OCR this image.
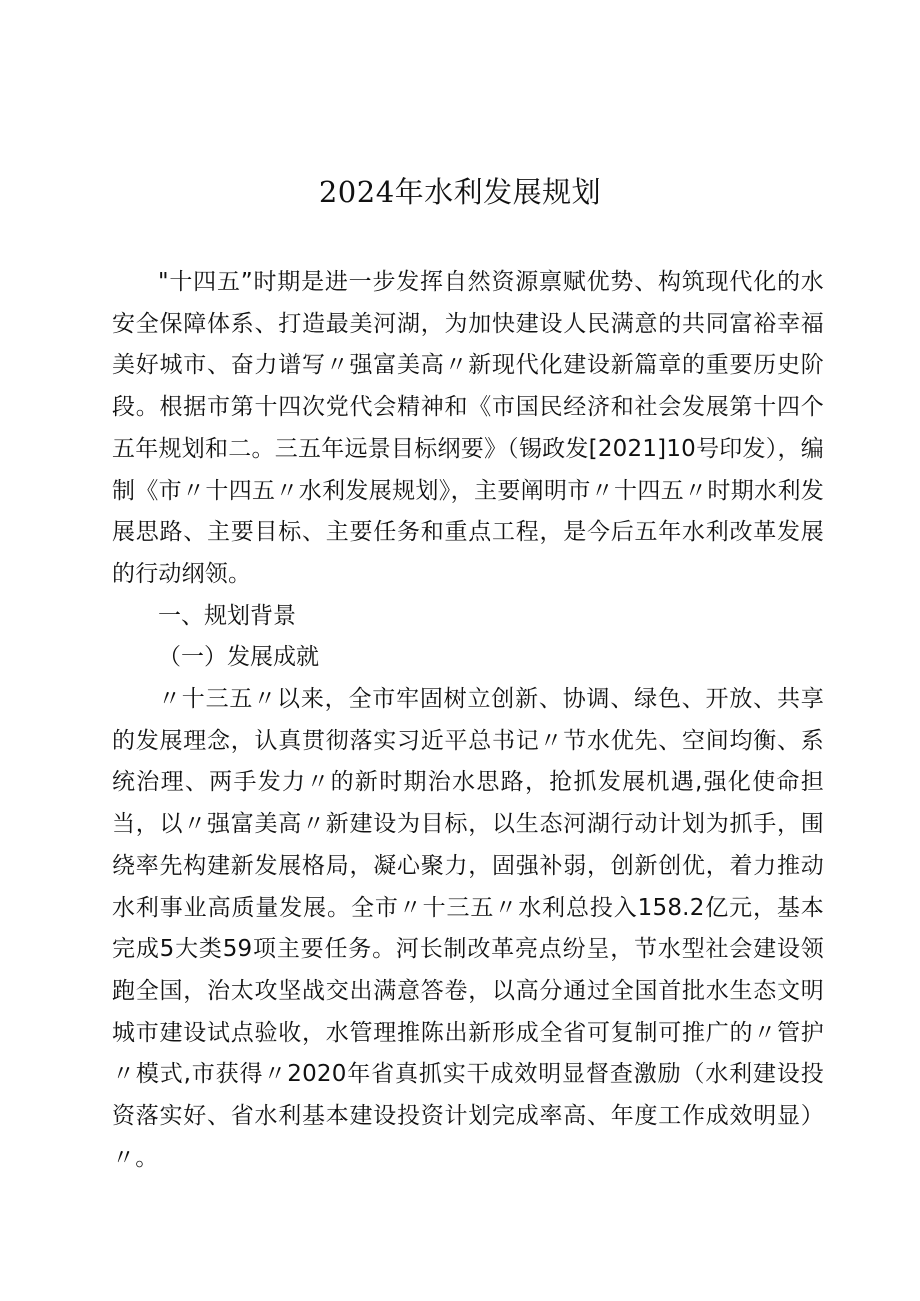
2024年水利发展规划

"十四五”时期是进一步发挥自然资源禀赋优势、构筑现代化的水安全保障体系、打造最美河湖，为加快建设人民满意的共同富裕幸福美好城市、奋力谱写〃强富美高〃新现代化建设新篇章的重要历史阶段。根据市第十四次党代会精神和《市国民经济和社会发展第十四个五年规划和二。三五年远景目标纲要》（锡政发[2021]10号印发），编制《市〃十四五〃水利发展规划》，主要阐明市〃十四五〃时期水利发展思路、主要目标、主要任务和重点工程，是今后五年水利改革发展的行动纲领。

一、规划背景
（一）发展成就

〃十三五〃以来，全市牢固树立创新、协调、绿色、开放、共享的发展理念，认真贯彻落实习近平总书记〃节水优先、空间均衡、系统治理、两手发力〃的新时期治水思路，抢抓发展机遇,强化使命担当，以〃强富美高〃新建设为目标，以生态河湖行动计划为抓手，围绕率先构建新发展格局，凝心聚力，固强补弱，创新创优，着力推动水利事业高质量发展。全市〃十三五〃水利总投入158.2亿元，基本完成5大类59项主要任务。河长制改革亮点纷呈，节水型社会建设领跑全国，治太攻坚战交出满意答卷，以高分通过全国首批水生态文明城市建设试点验收，水管理推陈出新形成全省可复制可推广的〃管护〃模式,市获得〃2020年省真抓实干成效明显督查激励（水利建设投资落实好、省水利基本建设投资计划完成率高、年度工作成效明显）〃。
